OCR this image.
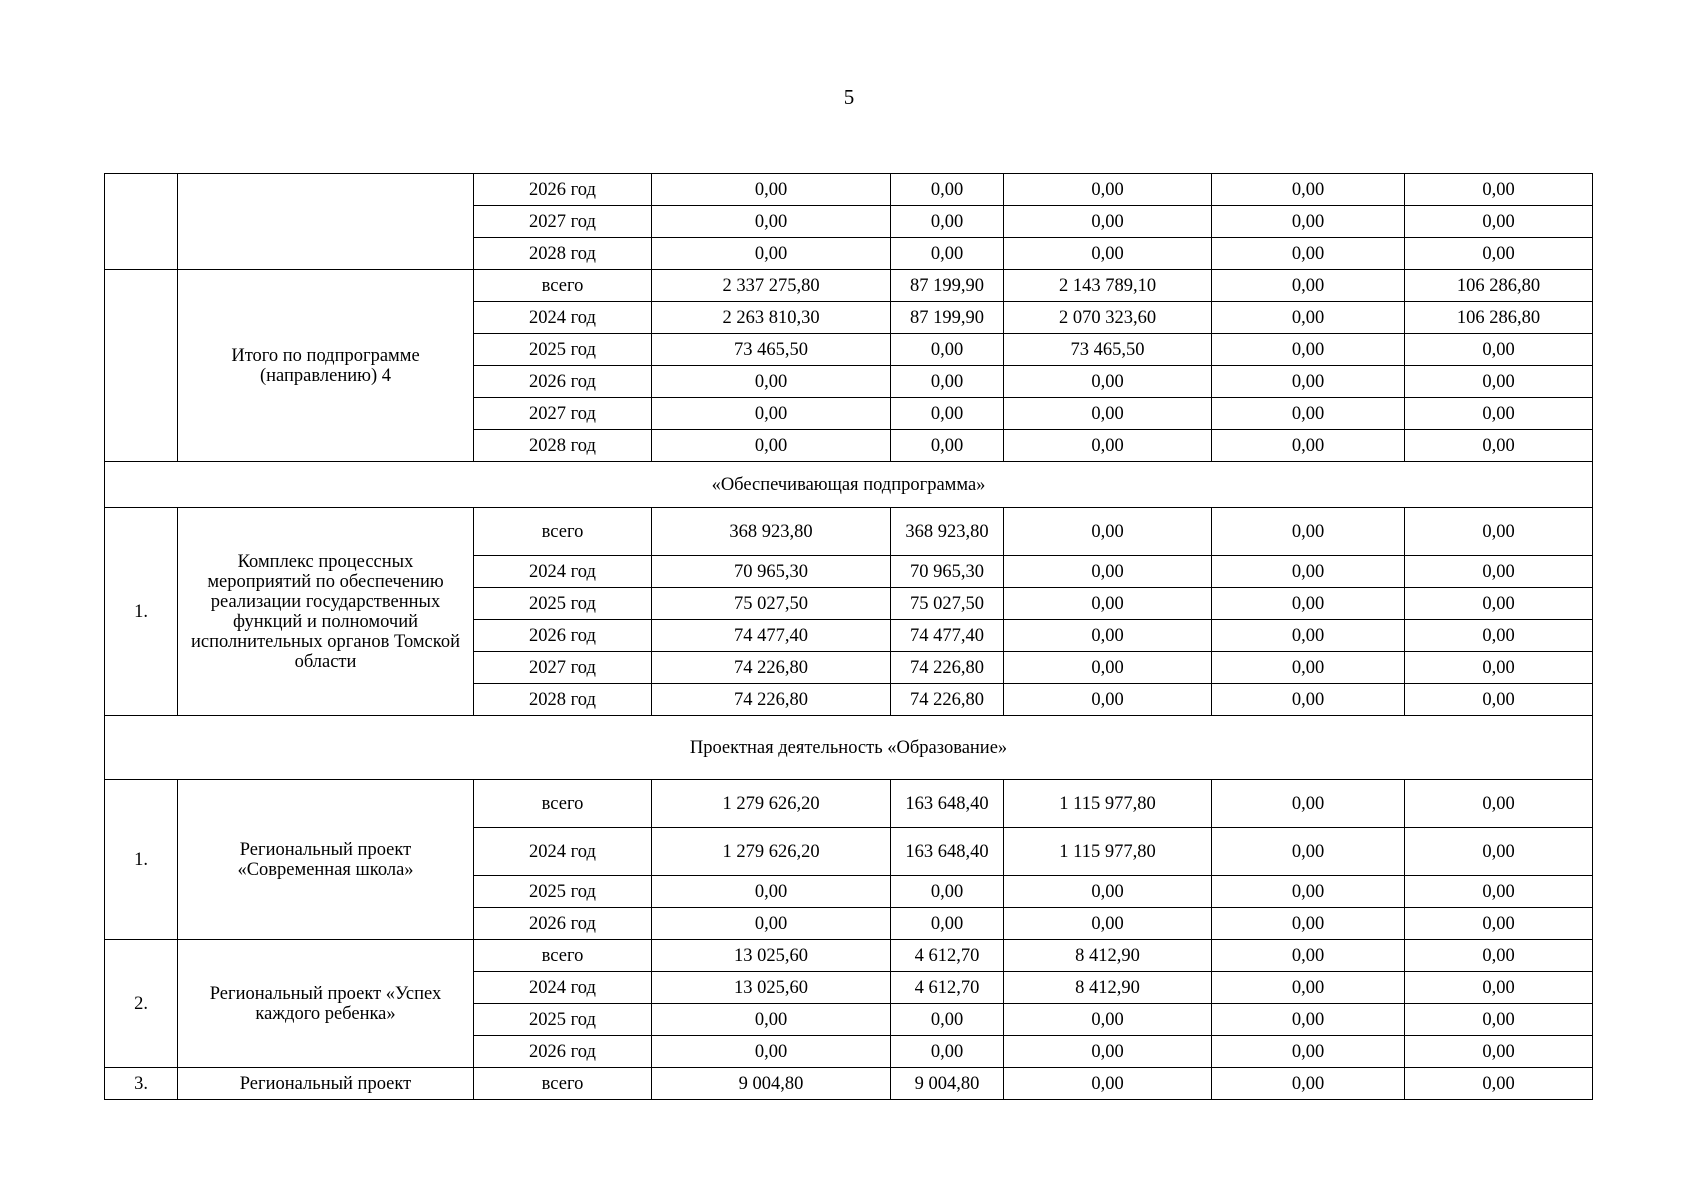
5
		2026 год	0,00	0,00	0,00	0,00	0,00
		2027 год	0,00	0,00	0,00	0,00	0,00
		2028 год	0,00	0,00	0,00	0,00	0,00
	Итого по подпрограмме (направлению) 4	всего	2 337 275,80	87 199,90	2 143 789,10	0,00	106 286,80
		2024 год	2 263 810,30	87 199,90	2 070 323,60	0,00	106 286,80
		2025 год	73 465,50	0,00	73 465,50	0,00	0,00
		2026 год	0,00	0,00	0,00	0,00	0,00
		2027 год	0,00	0,00	0,00	0,00	0,00
		2028 год	0,00	0,00	0,00	0,00	0,00
«Обеспечивающая подпрограмма»							
1.	Комплекс процессных мероприятий по обеспечению реализации государственных функций и полномочий исполнительных органов Томской области	всего	368 923,80	368 923,80	0,00	0,00	0,00
		2024 год	70 965,30	70 965,30	0,00	0,00	0,00
		2025 год	75 027,50	75 027,50	0,00	0,00	0,00
		2026 год	74 477,40	74 477,40	0,00	0,00	0,00
		2027 год	74 226,80	74 226,80	0,00	0,00	0,00
		2028 год	74 226,80	74 226,80	0,00	0,00	0,00
Проектная деятельность «Образование»							
1.	Региональный проект «Современная школа»	всего	1 279 626,20	163 648,40	1 115 977,80	0,00	0,00
		2024 год	1 279 626,20	163 648,40	1 115 977,80	0,00	0,00
		2025 год	0,00	0,00	0,00	0,00	0,00
		2026 год	0,00	0,00	0,00	0,00	0,00
2.	Региональный проект «Успех каждого ребенка»	всего	13 025,60	4 612,70	8 412,90	0,00	0,00
		2024 год	13 025,60	4 612,70	8 412,90	0,00	0,00
		2025 год	0,00	0,00	0,00	0,00	0,00
		2026 год	0,00	0,00	0,00	0,00	0,00
3.	Региональный проект	всего	9 004,80	9 004,80	0,00	0,00	0,00
